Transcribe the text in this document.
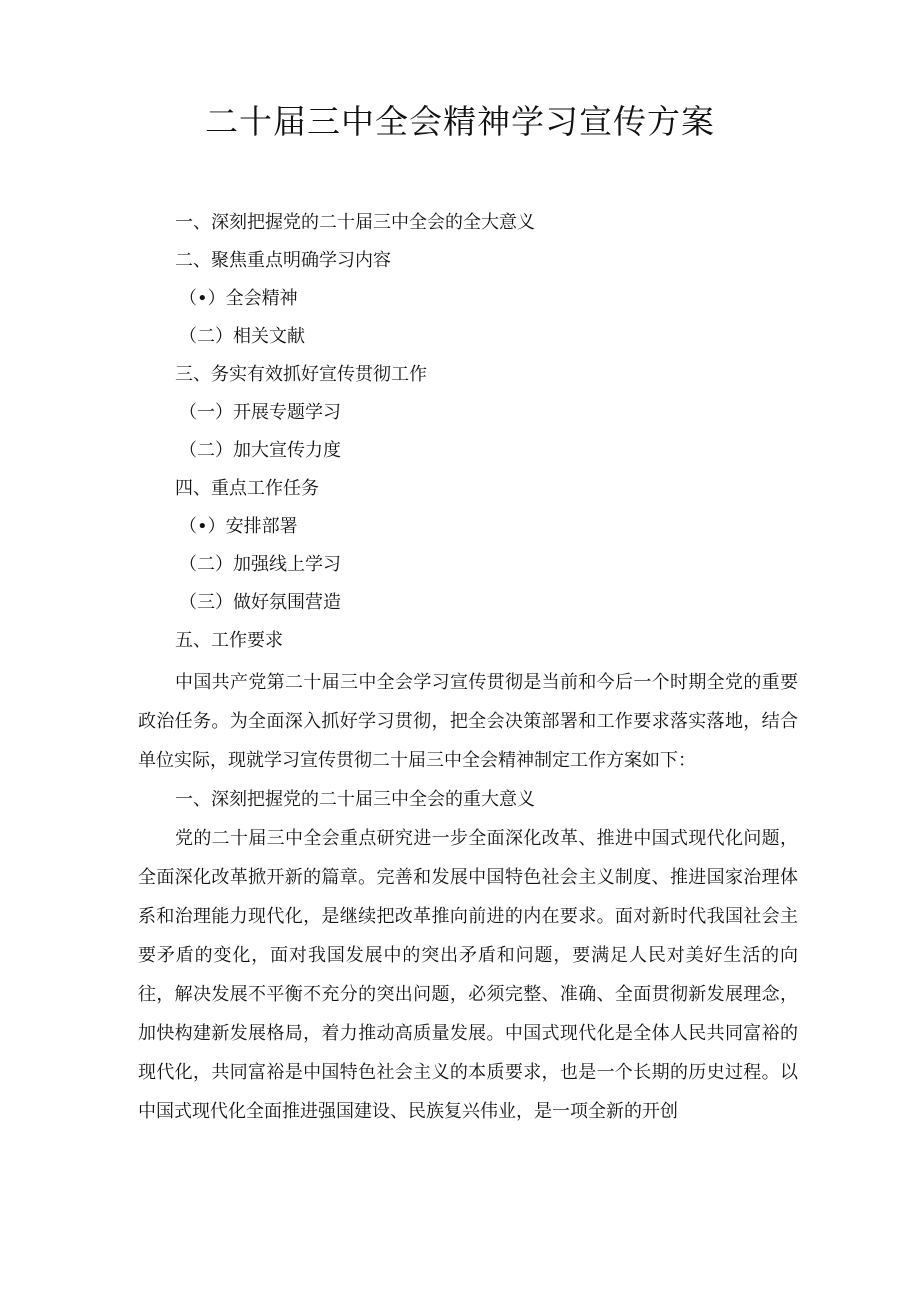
二十届三中全会精神学习宣传方案
一、深刻把握党的二十届三中全会的全大意义
二、聚焦重点明确学习内容
（•）全会精神
（二）相关文献
三、务实有效抓好宣传贯彻工作
（一）开展专题学习
（二）加大宣传力度
四、重点工作任务
（•）安排部署
（二）加强线上学习
（三）做好氛围营造
五、工作要求

中国共产党第二十届三中全会学习宣传贯彻是当前和今后一个时期全党的重要政治任务。为全面深入抓好学习贯彻，把全会决策部署和工作要求落实落地，结合单位实际，现就学习宣传贯彻二十届三中全会精神制定工作方案如下：

一、深刻把握党的二十届三中全会的重大意义

党的二十届三中全会重点研究进一步全面深化改革、推进中国式现代化问题，全面深化改革掀开新的篇章。完善和发展中国特色社会主义制度、推进国家治理体系和治理能力现代化，是继续把改革推向前进的内在要求。面对新时代我国社会主要矛盾的变化，面对我国发展中的突出矛盾和问题，要满足人民对美好生活的向往，解决发展不平衡不充分的突出问题，必须完整、准确、全面贯彻新发展理念，加快构建新发展格局，着力推动高质量发展。中国式现代化是全体人民共同富裕的现代化，共同富裕是中国特色社会主义的本质要求，也是一个长期的历史过程。以中国式现代化全面推进强国建设、民族复兴伟业，是一项全新的开创
